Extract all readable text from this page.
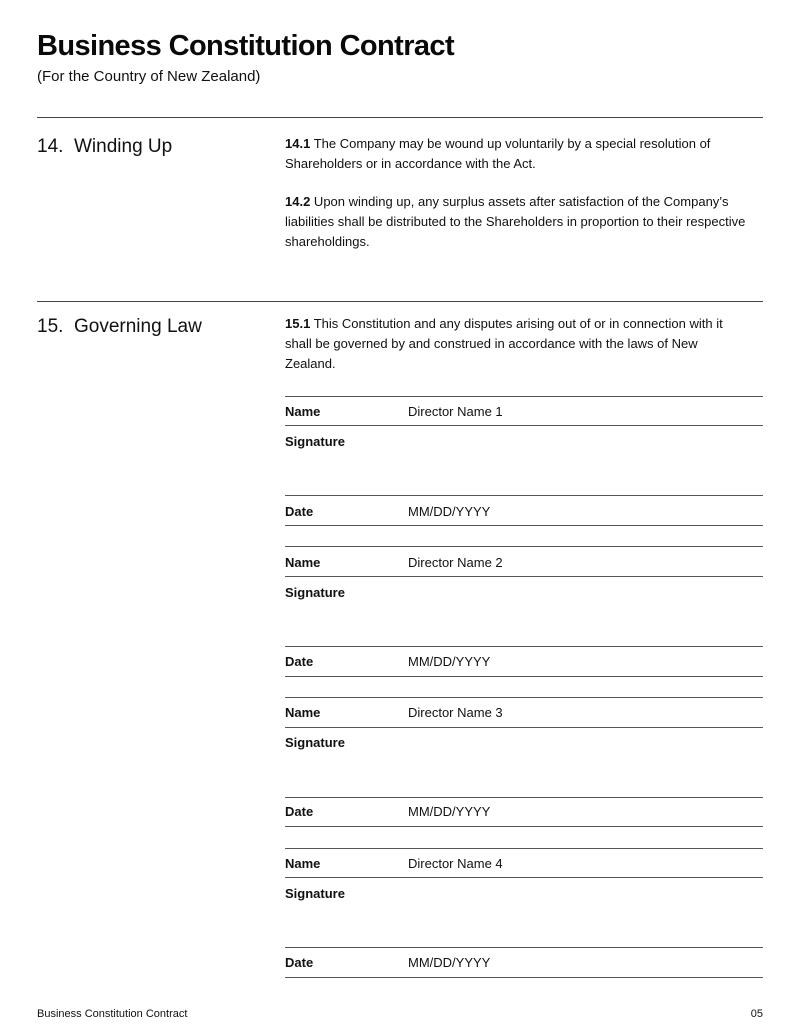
Business Constitution Contract
(For the Country of New Zealand)
14. Winding Up	14.1 The Company may be wound up voluntarily by a special resolution of Shareholders or in accordance with the Act.
14.2 Upon winding up, any surplus assets after satisfaction of the Company’s liabilities shall be distributed to the Shareholders in proportion to their respective shareholdings.
15. Governing Law	15.1 This Constitution and any disputes arising out of or in connection with it shall be governed by and construed in accordance with the laws of New Zealand.
Name	Director Name 1
Signature
Date	MM/DD/YYYY
Name	Director Name 2
Signature
Date	MM/DD/YYYY
Name	Director Name 3
Signature
Date	MM/DD/YYYY
Name	Director Name 4
Signature
Date	MM/DD/YYYY
Business Constitution Contract	05
